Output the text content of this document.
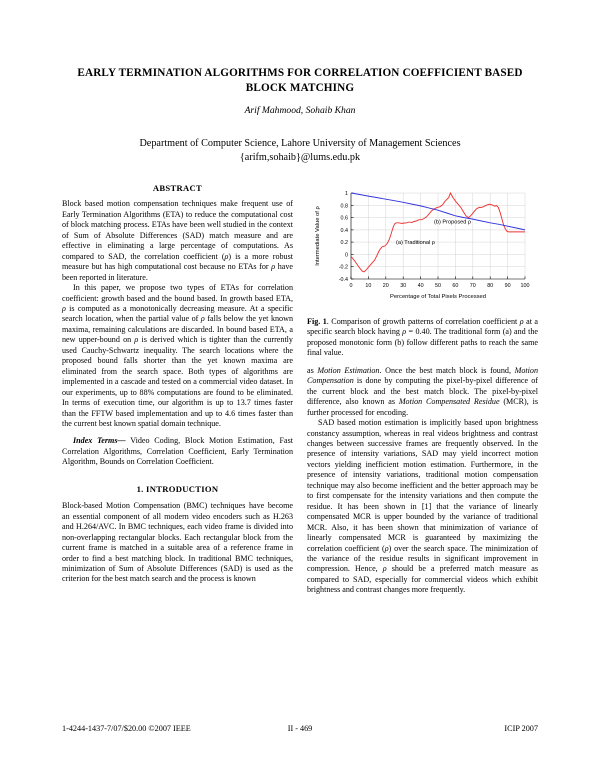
EARLY TERMINATION ALGORITHMS FOR CORRELATION COEFFICIENT BASED BLOCK MATCHING
Arif Mahmood, Sohaib Khan
Department of Computer Science, Lahore University of Management Sciences
{arifm,sohaib}@lums.edu.pk
ABSTRACT

Block based motion compensation techniques make frequent use of Early Termination Algorithms (ETA) to reduce the computational cost of block matching process. ETAs have been well studied in the context of Sum of Absolute Differences (SAD) match measure and are effective in eliminating a large percentage of computations. As compared to SAD, the correlation coefficient (ρ) is a more robust measure but has high computational cost because no ETAs for ρ have been reported in literature.

In this paper, we propose two types of ETAs for correlation coefficient: growth based and the bound based. In growth based ETA, ρ is computed as a monotonically decreasing measure. At a specific search location, when the partial value of ρ falls below the yet known maxima, remaining calculations are discarded. In bound based ETA, a new upper-bound on ρ is derived which is tighter than the currently used Cauchy-Schwartz inequality. The search locations where the proposed bound falls shorter than the yet known maxima are eliminated from the search space. Both types of algorithms are implemented in a cascade and tested on a commercial video dataset. In our experiments, up to 88% computations are found to be eliminated. In terms of execution time, our algorithm is up to 13.7 times faster than the FFTW based implementation and up to 4.6 times faster than the current best known spatial domain technique.

Index Terms— Video Coding, Block Motion Estimation, Fast Correlation Algorithms, Correlation Coefficient, Early Termination Algorithm, Bounds on Correlation Coefficient.

1. INTRODUCTION

Block-based Motion Compensation (BMC) techniques have become an essential component of all modern video encoders such as H.263 and H.264/AVC. In BMC techniques, each video frame is divided into non-overlapping rectangular blocks. Each rectangular block from the current frame is matched in a suitable area of a reference frame in order to find a best matching block. In traditional BMC techniques, minimization of Sum of Absolute Differences (SAD) is used as the criterion for the best match search and the process is known

1
0.8
0.6
0.4
0.2
0
-0.2
-0.4
0 10 20 30 40 50 60 70 80 90 100
Percentage of Total Pixels Processed
Intermediate Value of ρ	(a) Traditional ρ
(b) Proposed ρ

Fig. 1. Comparison of growth patterns of correlation coefficient ρ at a specific search block having ρ = 0.40. The traditional form (a) and the proposed monotonic form (b) follow different paths to reach the same final value.

as Motion Estimation. Once the best match block is found, Motion Compensation is done by computing the pixel-by-pixel difference of the current block and the best match block. The pixel-by-pixel difference, also known as Motion Compensated Residue (MCR), is further processed for encoding.

SAD based motion estimation is implicitly based upon brightness constancy assumption, whereas in real videos brightness and contrast changes between successive frames are frequently observed. In the presence of intensity variations, SAD may yield incorrect motion vectors yielding inefficient motion estimation. Furthermore, in the presence of intensity variations, traditional motion compensation technique may also become inefficient and the better approach may be to first compensate for the intensity variations and then compute the residue. It has been shown in [1] that the variance of linearly compensated MCR is upper bounded by the variance of traditional MCR. Also, it has been shown that minimization of variance of linearly compensated MCR is guaranteed by maximizing the correlation coefficient (ρ) over the search space. The minimization of the variance of the residue results in significant improvement in compression. Hence, ρ should be a preferred match measure as compared to SAD, especially for commercial videos which exhibit brightness and contrast changes more frequently.

1-4244-1437-7/07/$20.00 ©2007 IEEE	II - 469	ICIP 2007
